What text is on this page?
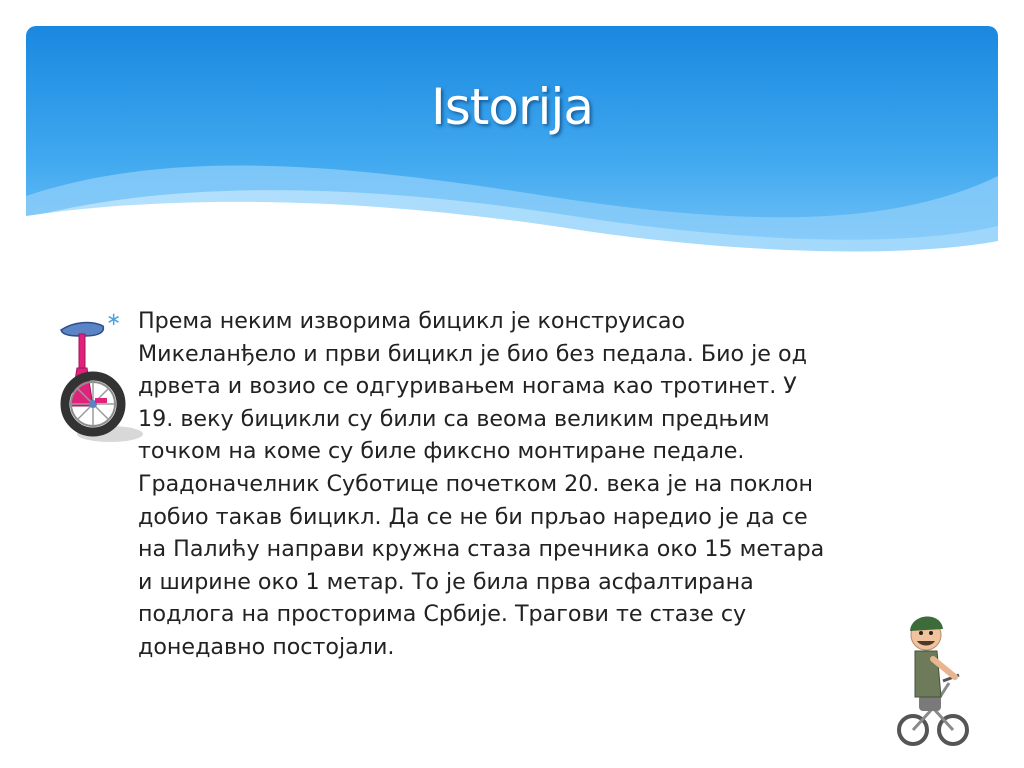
Istorija
∗ Према неким изворима бицикл је конструисао
Микеланђело и први бицикл је био без педала. Био је од
дрвета и возио се одгуривањем ногама као тротинет. У
19. веку бицикли су били са веома великим предњим
точком на коме су биле фиксно монтиране педале.
Градоначелник Суботице почетком 20. века је на поклон
добио такав бицикл. Да се не би прљао наредио је да се
на Палићу направи кружна стаза пречника око 15 метара
и ширине око 1 метар. То је била прва асфалтирана
подлога на просторима Србије. Трагови те стазе су
донедавно постојали.
